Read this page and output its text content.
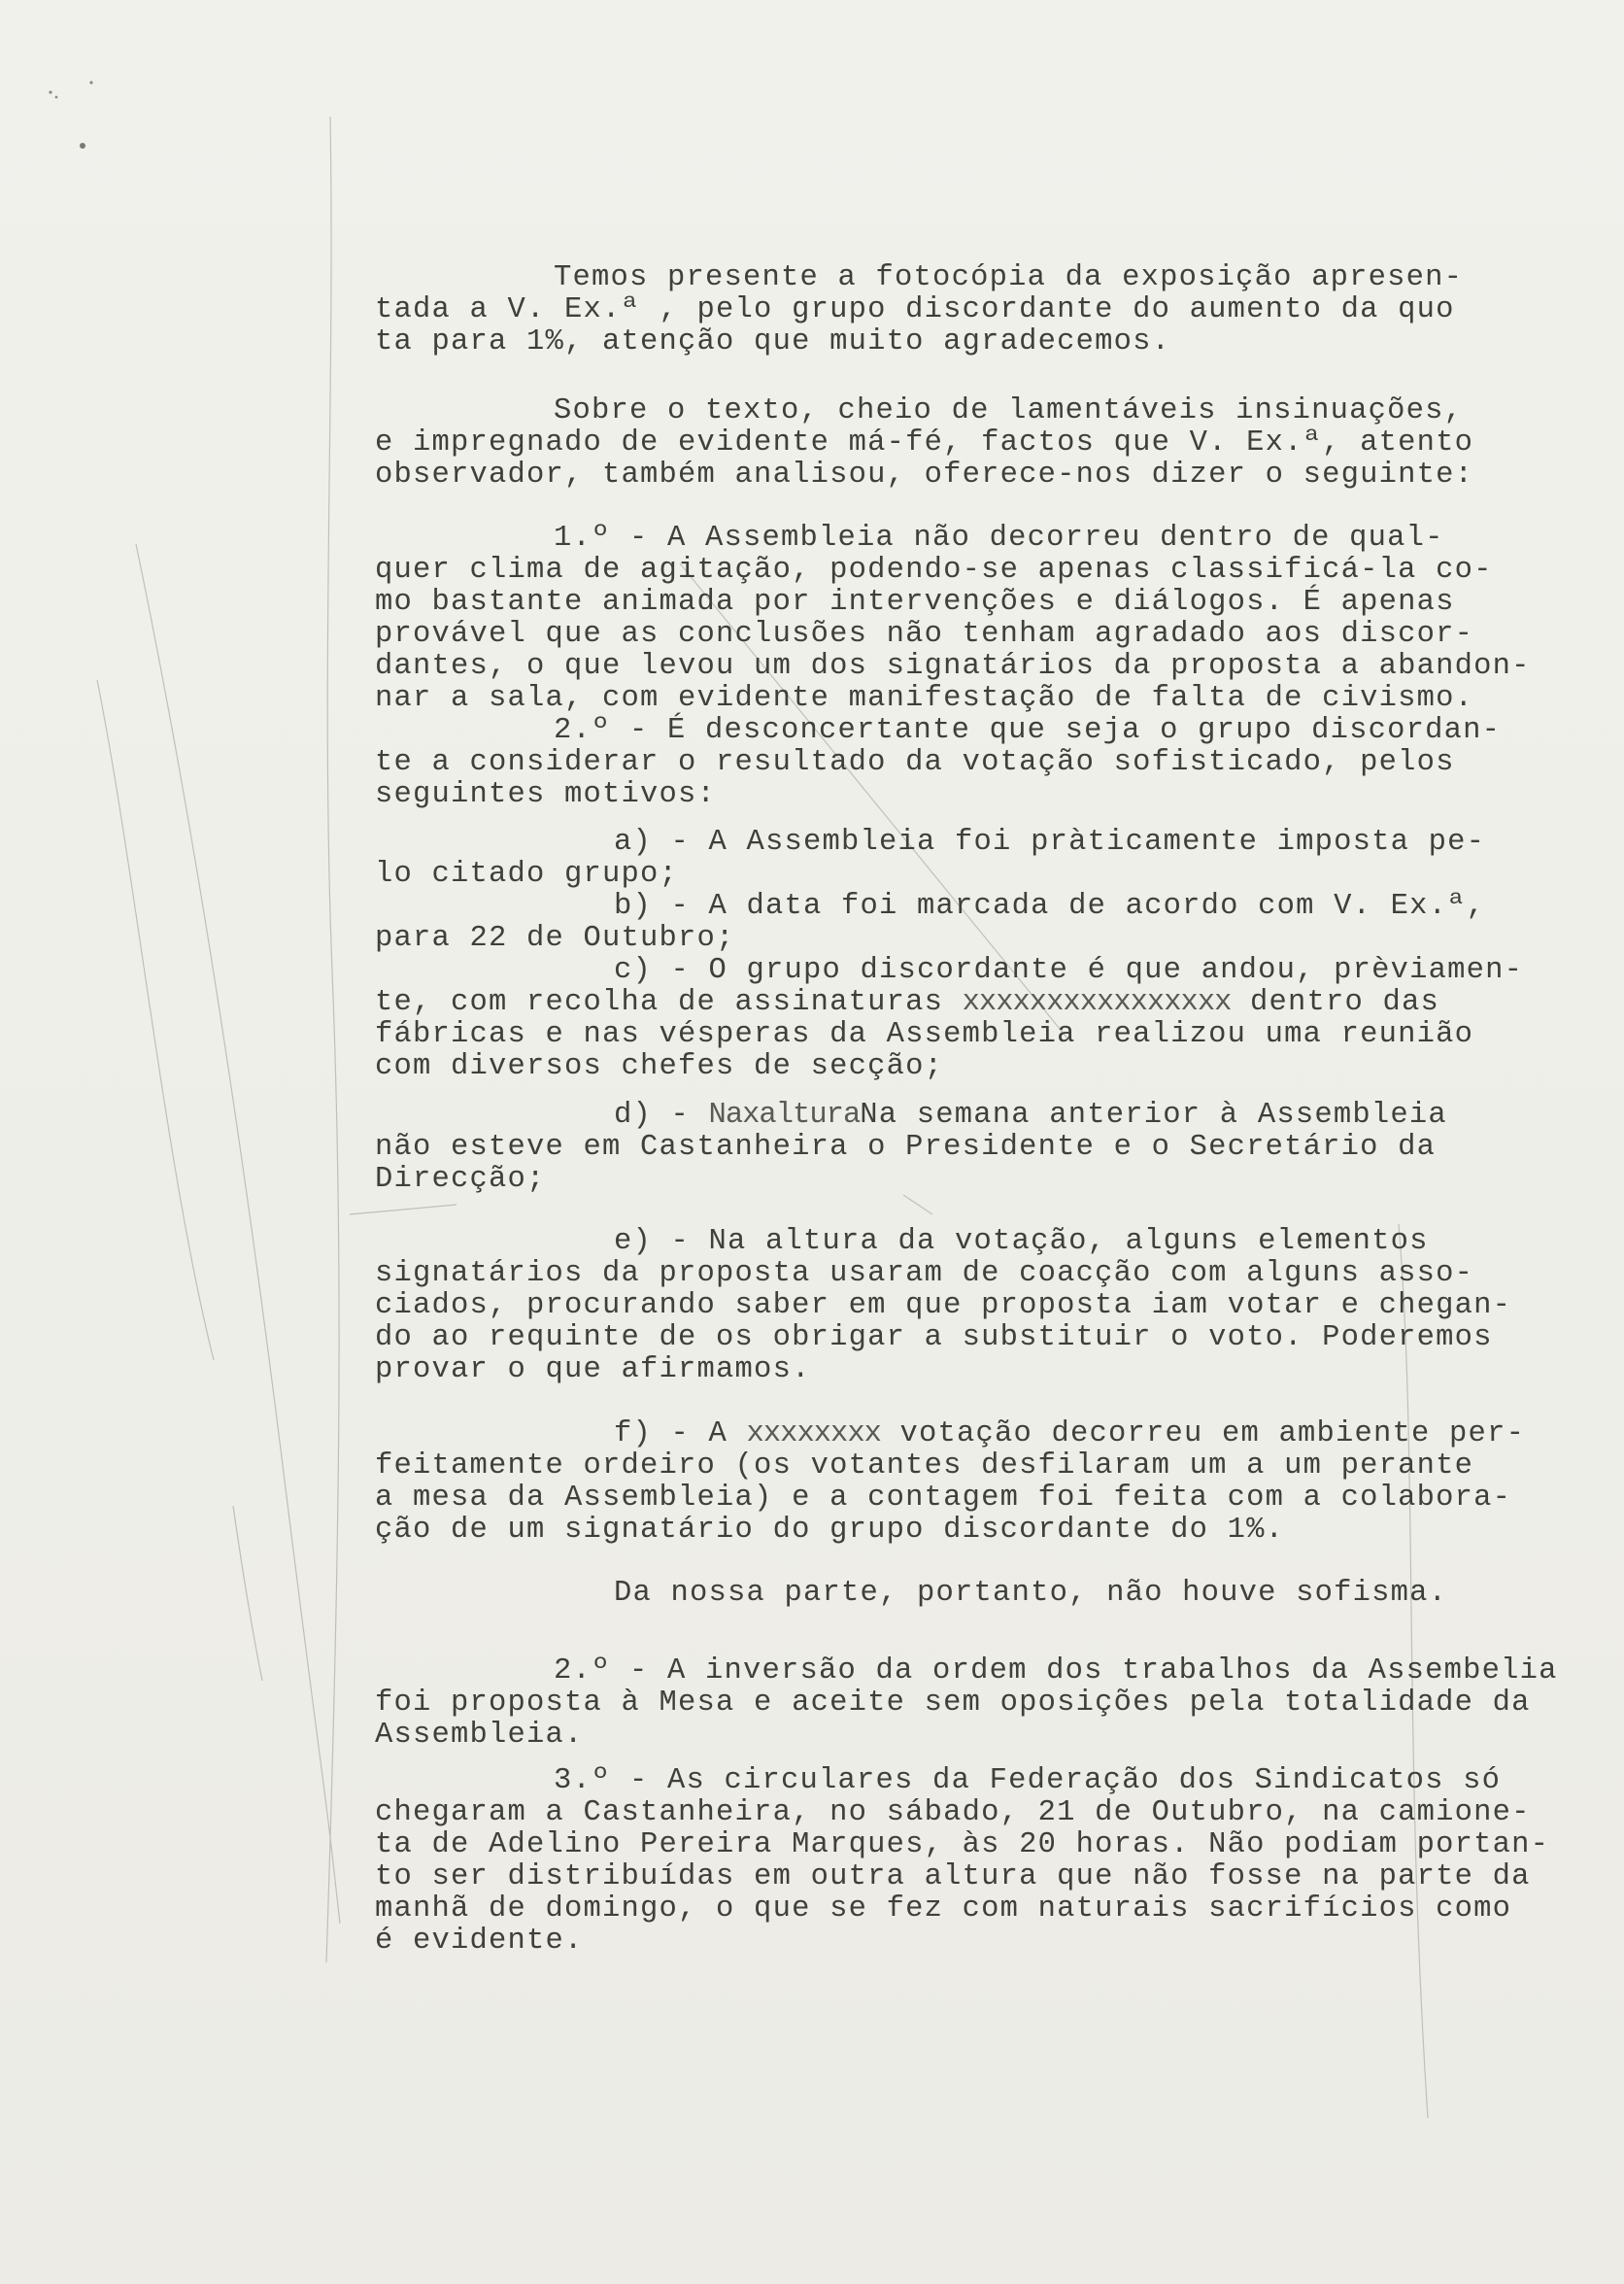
Temos presente a fotocópia da exposição apresen-
tada a V. Ex.ª , pelo grupo discordante do aumento da quo
ta para 1%, atenção que muito agradecemos.
Sobre o texto, cheio de lamentáveis insinuações,
e impregnado de evidente má-fé, factos que V. Ex.ª, atento
observador, também analisou, oferece-nos dizer o seguinte:
1.º - A Assembleia não decorreu dentro de qual-
quer clima de agitação, podendo-se apenas classificá-la co-
mo bastante animada por intervenções e diálogos. É apenas
provável que as conclusões não tenham agradado aos discor-
dantes, o que levou um dos signatários da proposta a abandon-
nar a sala, com evidente manifestação de falta de civismo.
2.º - É desconcertante que seja o grupo discordan-
te a considerar o resultado da votação sofisticado, pelos
seguintes motivos:
a) - A Assembleia foi pràticamente imposta pe-
lo citado grupo;
b) - A data foi marcada de acordo com V. Ex.ª,
para 22 de Outubro;
c) - O grupo discordante é que andou, prèviamen-
te, com recolha de assinaturas xxxxxxxxxxxxxxxx dentro das
fábricas e nas vésperas da Assembleia realizou uma reunião
com diversos chefes de secção;
d) - NaxalturaNa semana anterior à Assembleia
não esteve em Castanheira o Presidente e o Secretário da
Direcção;
e) - Na altura da votação, alguns elementos
signatários da proposta usaram de coacção com alguns asso-
ciados, procurando saber em que proposta iam votar e chegan-
do ao requinte de os obrigar a substituir o voto. Poderemos
provar o que afirmamos.
f) - A xxxxxxxx votação decorreu em ambiente per-
feitamente ordeiro (os votantes desfilaram um a um perante
a mesa da Assembleia) e a contagem foi feita com a colabora-
ção de um signatário do grupo discordante do 1%.
Da nossa parte, portanto, não houve sofisma.
2.º - A inversão da ordem dos trabalhos da Assembelia
foi proposta à Mesa e aceite sem oposições pela totalidade da
Assembleia.
3.º - As circulares da Federação dos Sindicatos só
chegaram a Castanheira, no sábado, 21 de Outubro, na camione-
ta de Adelino Pereira Marques, às 20 horas. Não podiam portan-
to ser distribuídas em outra altura que não fosse na parte da
manhã de domingo, o que se fez com naturais sacrifícios como
é evidente.
